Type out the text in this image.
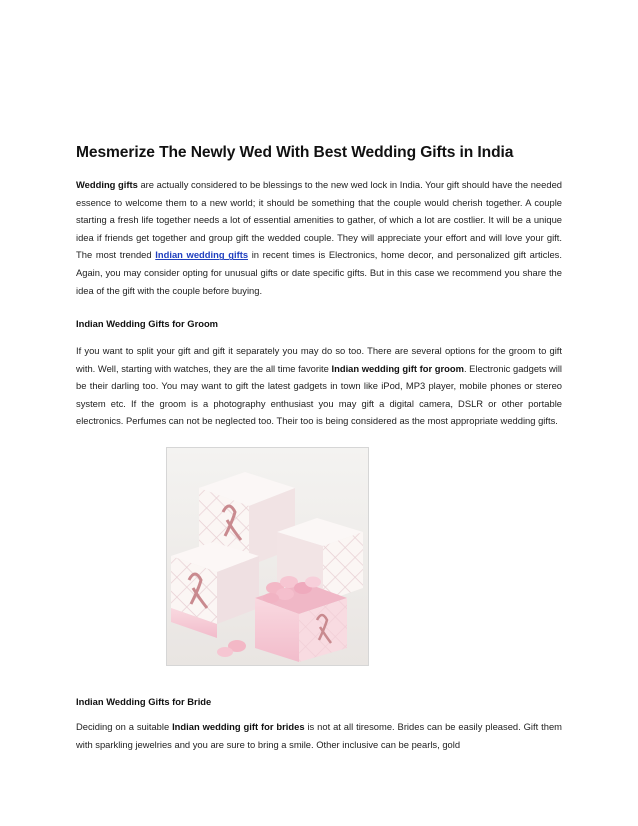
Mesmerize The Newly Wed With Best Wedding Gifts in India
Wedding gifts are actually considered to be blessings to the new wed lock in India. Your gift should have the needed essence to welcome them to a new world; it should be something that the couple would cherish together. A couple starting a fresh life together needs a lot of essential amenities to gather, of which a lot are costlier. It will be a unique idea if friends get together and group gift the wedded couple. They will appreciate your effort and will love your gift. The most trended Indian wedding gifts in recent times is Electronics, home decor, and personalized gift articles. Again, you may consider opting for unusual gifts or date specific gifts. But in this case we recommend you share the idea of the gift with the couple before buying.
Indian Wedding Gifts for Groom
If you want to split your gift and gift it separately you may do so too. There are several options for the groom to gift with. Well, starting with watches, they are the all time favorite Indian wedding gift for groom. Electronic gadgets will be their darling too. You may want to gift the latest gadgets in town like iPod, MP3 player, mobile phones or stereo system etc. If the groom is a photography enthusiast you may gift a digital camera, DSLR or other portable electronics. Perfumes can not be neglected too. Their too is being considered as the most appropriate wedding gifts.
Indian Wedding Gifts for Bride
Deciding on a suitable Indian wedding gift for brides is not at all tiresome. Brides can be easily pleased. Gift them with sparkling jewelries and you are sure to bring a smile. Other inclusive can be pearls, gold
